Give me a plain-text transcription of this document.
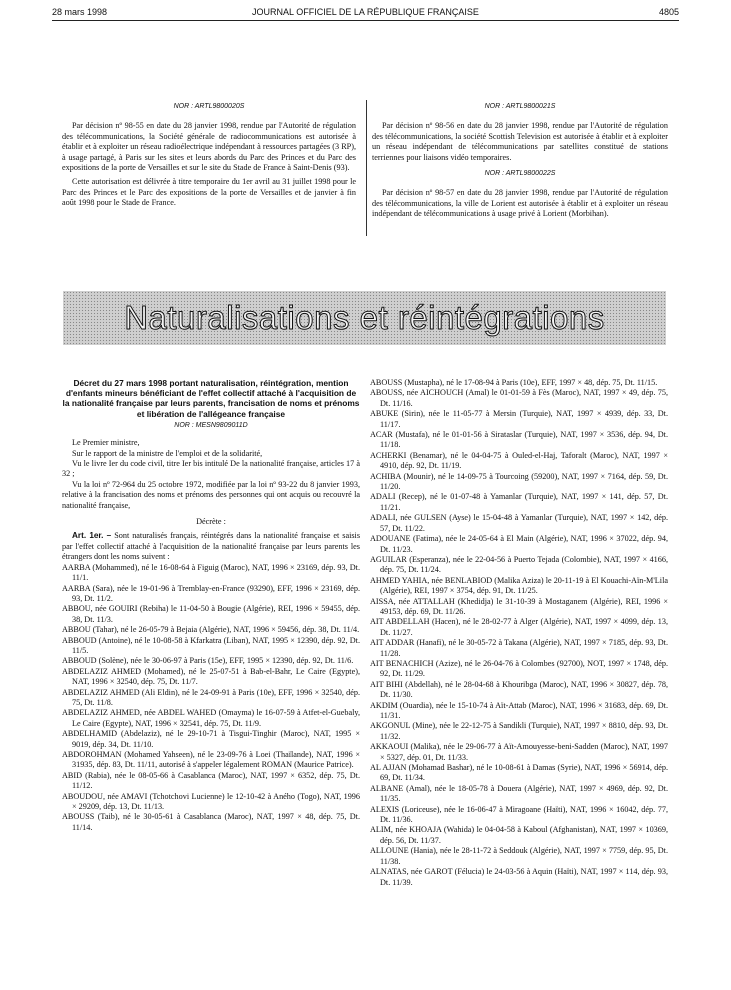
28 mars 1998	JOURNAL OFFICIEL DE LA RÉPUBLIQUE FRANÇAISE	4805
NOR : ARTL9800020S

Par décision nº 98-55 en date du 28 janvier 1998, rendue par l'Autorité de régulation des télécommunications, la Société générale de radiocommunications est autorisée à établir et à exploiter un réseau radioélectrique indépendant à ressources partagées (3 RP), à usage partagé, à Paris sur les sites et leurs abords du Parc des Princes et du Parc des expositions de la porte de Versailles et sur le site du Stade de France à Saint-Denis (93).

Cette autorisation est délivrée à titre temporaire du 1er avril au 31 juillet 1998 pour le Parc des Princes et le Parc des expositions de la porte de Versailles et de janvier à fin août 1998 pour le Stade de France.

NOR : ARTL9800021S

Par décision nº 98-56 en date du 28 janvier 1998, rendue par l'Autorité de régulation des télécommunications, la société Scottish Television est autorisée à établir et à exploiter un réseau indépendant de télécommunications par satellites constitué de stations terriennes pour liaisons vidéo temporaires.

NOR : ARTL9800022S

Par décision nº 98-57 en date du 28 janvier 1998, rendue par l'Autorité de régulation des télécommunications, la ville de Lorient est autorisée à établir et à exploiter un réseau indépendant de télécommunications à usage privé à Lorient (Morbihan).

Naturalisations et réintégrations
Décret du 27 mars 1998 portant naturalisation, réintégration, mention d'enfants mineurs bénéficiant de l'effet collectif attaché à l'acquisition de la nationalité française par leurs parents, francisation de noms et prénoms et libération de l'allégeance française
NOR : MESN9809011D

Le Premier ministre,

Sur le rapport de la ministre de l'emploi et de la solidarité,

Vu le livre Ier du code civil, titre Ier bis intitulé De la nationalité française, articles 17 à 32 ;

Vu la loi nº 72-964 du 25 octobre 1972, modifiée par la loi nº 93-22 du 8 janvier 1993, relative à la francisation des noms et prénoms des personnes qui ont acquis ou recouvré la nationalité française,

Décrète :

Art. 1er. – Sont naturalisés français, réintégrés dans la nationalité française et saisis par l'effet collectif attaché à l'acquisition de la nationalité française par leurs parents les étrangers dont les noms suivent :

AARBA (Mohammed), né le 16-08-64 à Figuig (Maroc), NAT, 1996 × 23169, dép. 93, Dt. 11/1.

AARBA (Sara), née le 19-01-96 à Tremblay-en-France (93290), EFF, 1996 × 23169, dép. 93, Dt. 11/2.

ABBOU, née GOUIRI (Rebiha) le 11-04-50 à Bougie (Algérie), REI, 1996 × 59455, dép. 38, Dt. 11/3.

ABBOU (Tahar), né le 26-05-79 à Bejaia (Algérie), NAT, 1996 × 59456, dép. 38, Dt. 11/4.

ABBOUD (Antoine), né le 10-08-58 à Kfarkatra (Liban), NAT, 1995 × 12390, dép. 92, Dt. 11/5.

ABBOUD (Solène), née le 30-06-97 à Paris (15e), EFF, 1995 × 12390, dép. 92, Dt. 11/6.

ABDELAZIZ AHMED (Mohamed), né le 25-07-51 à Bab-el-Bahr, Le Caire (Egypte), NAT, 1996 × 32540, dép. 75, Dt. 11/7.

ABDELAZIZ AHMED (Ali Eldin), né le 24-09-91 à Paris (10e), EFF, 1996 × 32540, dép. 75, Dt. 11/8.

ABDELAZIZ AHMED, née ABDEL WAHED (Omayma) le 16-07-59 à Atfet-el-Guebaly, Le Caire (Egypte), NAT, 1996 × 32541, dép. 75, Dt. 11/9.

ABDELHAMID (Abdelaziz), né le 29-10-71 à Tisgui-Tinghir (Maroc), NAT, 1995 × 9019, dép. 34, Dt. 11/10.

ABDOROHMAN (Mohamed Yahseen), né le 23-09-76 à Loei (Thaïlande), NAT, 1996 × 31935, dép. 83, Dt. 11/11, autorisé à s'appeler légalement ROMAN (Maurice Patrice).

ABID (Rabia), née le 08-05-66 à Casablanca (Maroc), NAT, 1997 × 6352, dép. 75, Dt. 11/12.

ABOUDOU, née AMAVI (Tchotchovi Lucienne) le 12-10-42 à Aného (Togo), NAT, 1996 × 29209, dép. 13, Dt. 11/13.

ABOUSS (Taib), né le 30-05-61 à Casablanca (Maroc), NAT, 1997 × 48, dép. 75, Dt. 11/14.

ABOUSS (Mustapha), né le 17-08-94 à Paris (10e), EFF, 1997 × 48, dép. 75, Dt. 11/15.

ABOUSS, née AICHOUCH (Amal) le 01-01-59 à Fès (Maroc), NAT, 1997 × 49, dép. 75, Dt. 11/16.

ABUKE (Sirin), née le 11-05-77 à Mersin (Turquie), NAT, 1997 × 4939, dép. 33, Dt. 11/17.

ACAR (Mustafa), né le 01-01-56 à Sirataslar (Turquie), NAT, 1997 × 3536, dép. 94, Dt. 11/18.

ACHERKI (Benamar), né le 04-04-75 à Ouled-el-Haj, Taforalt (Maroc), NAT, 1997 × 4910, dép. 92, Dt. 11/19.

ACHIBA (Mounir), né le 14-09-75 à Tourcoing (59200), NAT, 1997 × 7164, dép. 59, Dt. 11/20.

ADALI (Recep), né le 01-07-48 à Yamanlar (Turquie), NAT, 1997 × 141, dép. 57, Dt. 11/21.

ADALI, née GULSEN (Ayse) le 15-04-48 à Yamanlar (Turquie), NAT, 1997 × 142, dép. 57, Dt. 11/22.

ADOUANE (Fatima), née le 24-05-64 à El Main (Algérie), NAT, 1996 × 37022, dép. 94, Dt. 11/23.

AGUILAR (Esperanza), née le 22-04-56 à Puerto Tejada (Colombie), NAT, 1997 × 4166, dép. 75, Dt. 11/24.

AHMED YAHIA, née BENLABIOD (Malika Aziza) le 20-11-19 à El Kouachi-Aïn-M'Lila (Algérie), REI, 1997 × 3754, dép. 91, Dt. 11/25.

AISSA, née ATTALLAH (Khedidja) le 31-10-39 à Mostaganem (Algérie), REI, 1996 × 49153, dép. 69, Dt. 11/26.

AIT ABDELLAH (Hacen), né le 28-02-77 à Alger (Algérie), NAT, 1997 × 4099, dép. 13, Dt. 11/27.

AIT ADDAR (Hanafi), né le 30-05-72 à Takana (Algérie), NAT, 1997 × 7185, dép. 93, Dt. 11/28.

AIT BENACHICH (Azize), né le 26-04-76 à Colombes (92700), NOT, 1997 × 1748, dép. 92, Dt. 11/29.

AIT BIHI (Abdellah), né le 28-04-68 à Khouribga (Maroc), NAT, 1996 × 30827, dép. 78, Dt. 11/30.

AKDIM (Ouardia), née le 15-10-74 à Aït-Attab (Maroc), NAT, 1996 × 31683, dép. 69, Dt. 11/31.

AKGONUL (Mine), née le 22-12-75 à Sandikli (Turquie), NAT, 1997 × 8810, dép. 93, Dt. 11/32.

AKKAOUI (Malika), née le 29-06-77 à Aït-Amouyesse-beni-Sadden (Maroc), NAT, 1997 × 5327, dép. 01, Dt. 11/33.

AL AJJAN (Mohamad Bashar), né le 10-08-61 à Damas (Syrie), NAT, 1996 × 56914, dép. 69, Dt. 11/34.

ALBANE (Amal), née le 18-05-78 à Douera (Algérie), NAT, 1997 × 4969, dép. 92, Dt. 11/35.

ALEXIS (Loriceuse), née le 16-06-47 à Miragoane (Haïti), NAT, 1996 × 16042, dép. 77, Dt. 11/36.

ALIM, née KHOAJA (Wahida) le 04-04-58 à Kaboul (Afghanistan), NAT, 1997 × 10369, dép. 56, Dt. 11/37.

ALLOUNE (Hania), née le 28-11-72 à Seddouk (Algérie), NAT, 1997 × 7759, dép. 95, Dt. 11/38.

ALNATAS, née GAROT (Félucia) le 24-03-56 à Aquin (Haïti), NAT, 1997 × 114, dép. 93, Dt. 11/39.
